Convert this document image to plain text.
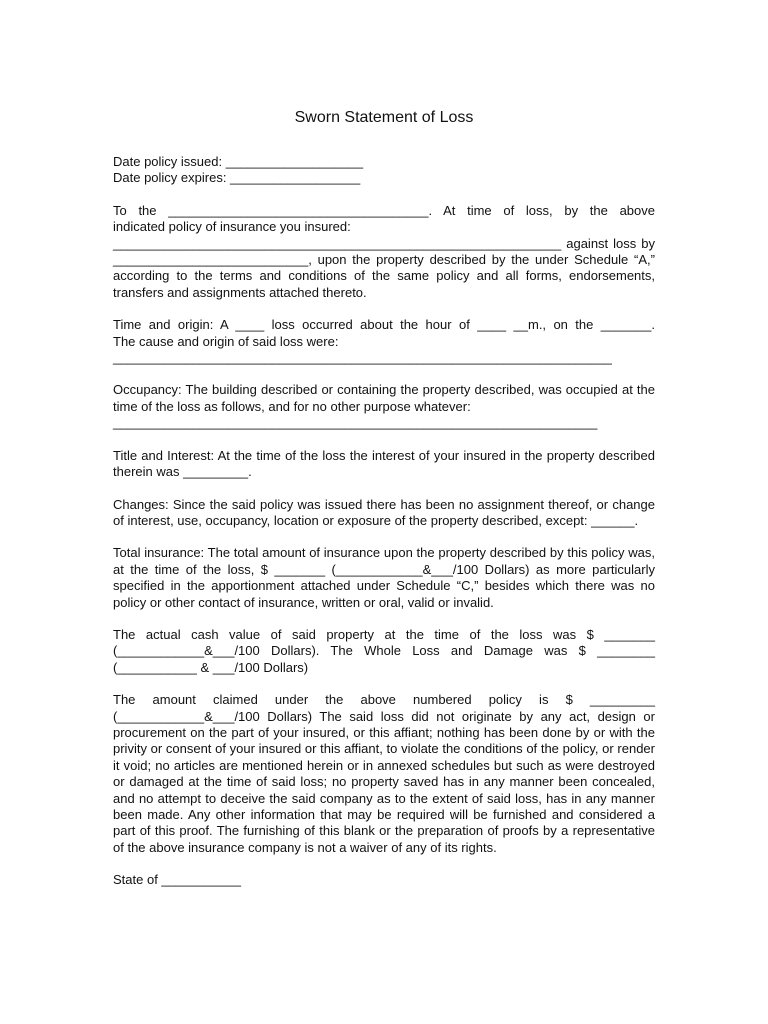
Sworn Statement of Loss
Date policy issued: ___________________
Date policy expires: __________________
To the ____________________________________. At time of loss, by the above
indicated policy of insurance you insured:
______________________________________________________________ against loss by

___________________________, upon the property described by the under Schedule “A,” according to the terms and conditions of the same policy and all forms, endorsements, transfers and assignments attached thereto.

Time and origin: A ____ loss occurred about the hour of ____ __m., on the _______.
The cause and origin of said loss were:
_____________________________________________________________________

Occupancy: The building described or containing the property described, was occupied at the time of the loss as follows, and for no other purpose whatever:

___________________________________________________________________

Title and Interest: At the time of the loss the interest of your insured in the property described therein was _________.

Changes: Since the said policy was issued there has been no assignment thereof, or change of interest, use, occupancy, location or exposure of the property described, except: ______.

Total insurance: The total amount of insurance upon the property described by this policy was, at the time of the loss, $ _______ (____________&___/100 Dollars) as more particularly specified in the apportionment attached under Schedule “C,” besides which there was no policy or other contact of insurance, written or oral, valid or invalid.

The actual cash value of said property at the time of the loss was $ _______ (____________&___/100 Dollars). The Whole Loss and Damage was $ ________ (___________ & ___/100 Dollars)

The amount claimed under the above numbered policy is $ _________ (____________&___/100 Dollars) The said loss did not originate by any act, design or procurement on the part of your insured, or this affiant; nothing has been done by or with the privity or consent of your insured or this affiant, to violate the conditions of the policy, or render it void; no articles are mentioned herein or in annexed schedules but such as were destroyed or damaged at the time of said loss; no property saved has in any manner been concealed, and no attempt to deceive the said company as to the extent of said loss, has in any manner been made. Any other information that may be required will be furnished and considered a part of this proof. The furnishing of this blank or the preparation of proofs by a representative of the above insurance company is not a waiver of any of its rights.

State of ___________
